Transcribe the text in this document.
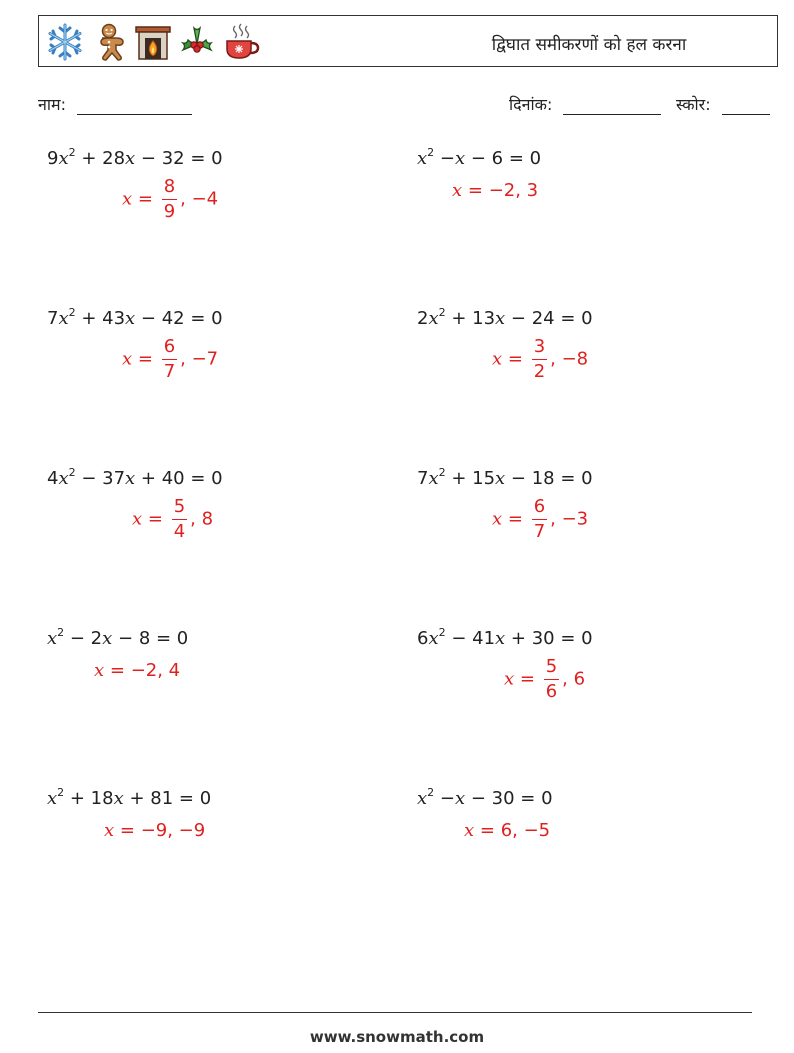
द्विघात समीकरणों को हल करना
नाम:	दिनांक:	स्कोर:
$9x^2 + 28x - 32 = 0$
$x = \frac{8}{9}$ , −4
$x^2 -x - 6 = 0$
x = −2, 3
$7x^2 + 43x - 42 = 0$
$x = \frac{6}{7}$ , −7
$2x^2 + 13x - 24 = 0$
$x = \frac{3}{2}$ , −8
$4x^2 - 37x + 40 = 0$
$x = \frac{5}{4}$ , 8
$7x^2 + 15x - 18 = 0$
$x = \frac{6}{7}$ , −3
$x^2 - 2x - 8 = 0$
x = −2, 4
$6x^2 - 41x + 30 = 0$
$x = \frac{5}{6}$ , 6
$x^2 + 18x + 81 = 0$
x = −9, −9
$x^2 -x - 30 = 0$
x = 6, −5
www.snowmath.com
